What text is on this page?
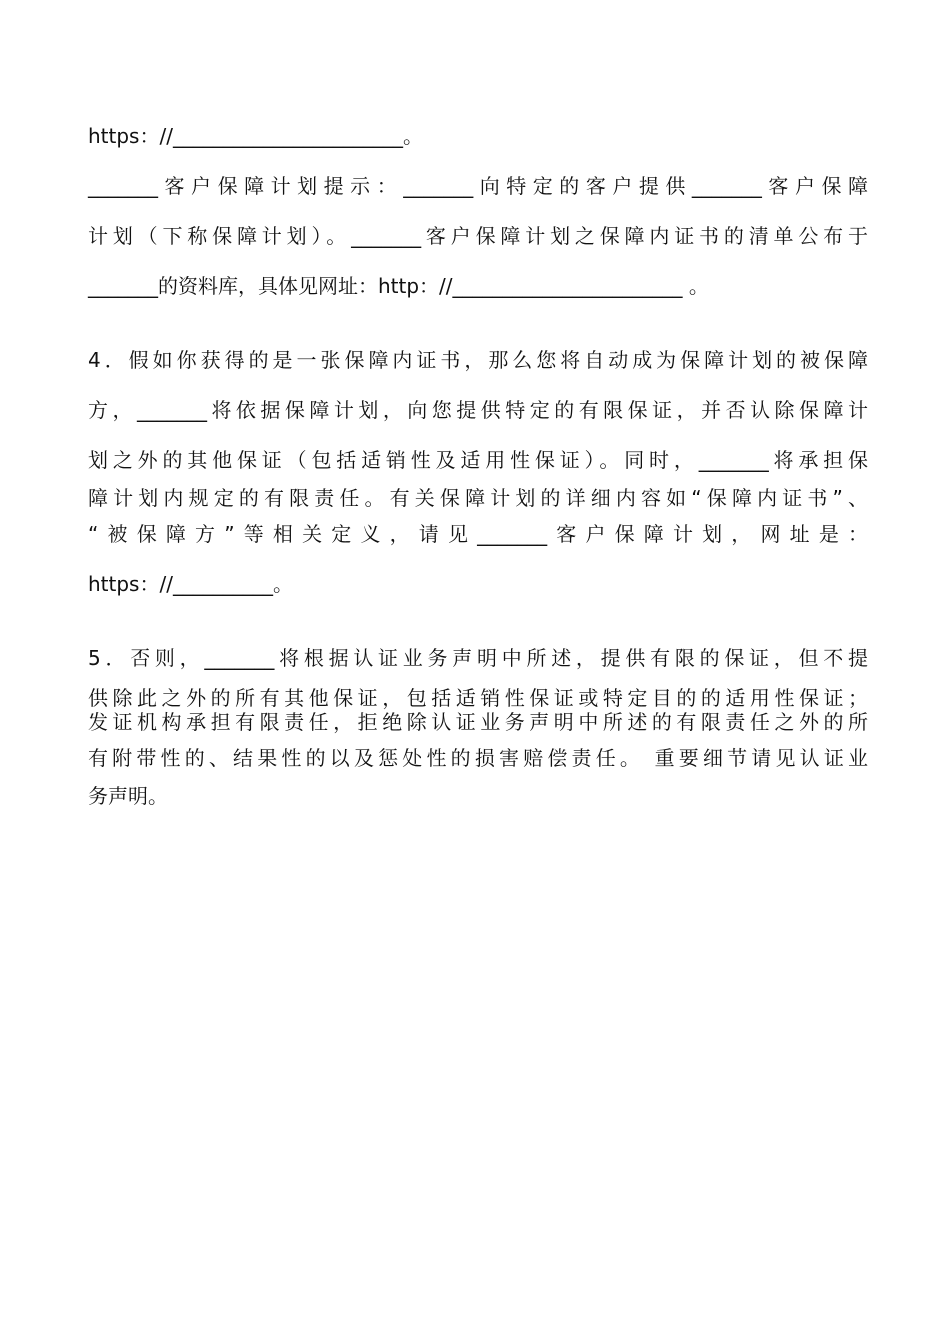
https：//_______________________。
_______客户保障计划提示：_______向特定的客户提供_______客户保障
计划（下称保障计划）。_______客户保障计划之保障内证书的清单公布于
_______的资料库，具体见网址：http：//_______________________ 。
4．假如你获得的是一张保障内证书，那么您将自动成为保障计划的被保障
方，_______将依据保障计划，向您提供特定的有限保证，并否认除保障计
划之外的其他保证（包括适销性及适用性保证）。同时，_______将承担保
障计划内规定的有限责任。有关保障计划的详细内容如“保障内证书”、
“被保障方”等相关定义，请见_______客户保障计划，网址是：
https：//__________。
5．否则，_______将根据认证业务声明中所述，提供有限的保证，但不提
供除此之外的所有其他保证，包括适销性保证或特定目的的适用性保证；
发证机构承担有限责任，拒绝除认证业务声明中所述的有限责任之外的所
有附带性的、结果性的以及惩处性的损害赔偿责任。 重要细节请见认证业
务声明。
